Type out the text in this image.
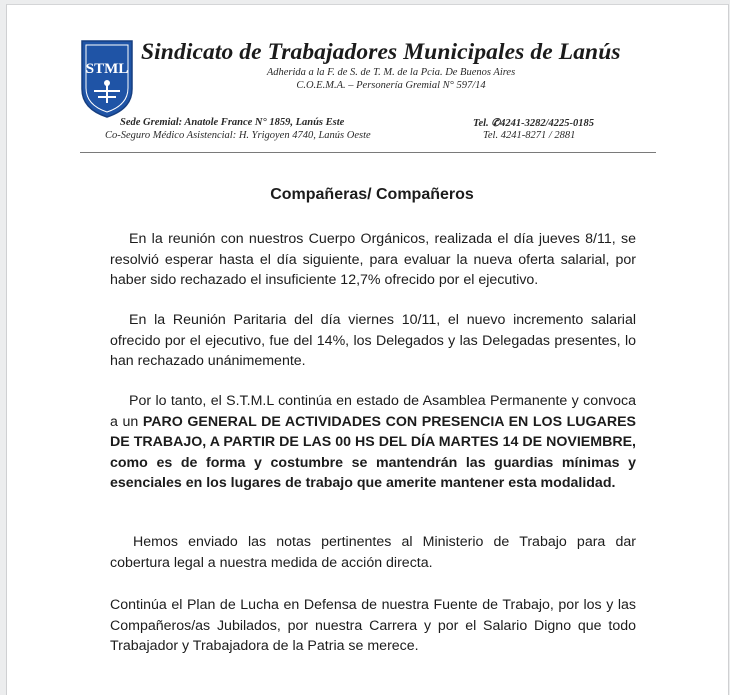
STML
Sindicato de Trabajadores Municipales de Lanús
Adherida a la F. de S. de T. M. de la Pcia. De Buenos Aires
C.O.E.M.A. – Personería Gremial N° 597/14
Sede Gremial: Anatole France N° 1859, Lanús Este
Co-Seguro Médico Asistencial: H. Yrigoyen 4740, Lanús Oeste
Tel. ✆4241-3282/4225-0185
Tel. 4241-8271 / 2881
Compañeras/ Compañeros

En la reunión con nuestros Cuerpo Orgánicos, realizada el día jueves 8/11, se resolvió esperar hasta el día siguiente, para evaluar la nueva oferta salarial, por haber sido rechazado el insuficiente 12,7% ofrecido por el ejecutivo.

En la Reunión Paritaria del día viernes 10/11, el nuevo incremento salarial ofrecido por el ejecutivo, fue del 14%, los Delegados y las Delegadas presentes, lo han rechazado unánimemente.

Por lo tanto, el S.T.M.L continúa en estado de Asamblea Permanente y convoca a un PARO GENERAL DE ACTIVIDADES CON PRESENCIA EN LOS LUGARES DE TRABAJO, A PARTIR DE LAS 00 HS DEL DÍA MARTES 14 DE NOVIEMBRE, como es de forma y costumbre se mantendrán las guardias mínimas y esenciales en los lugares de trabajo que amerite mantener esta modalidad.

Hemos enviado las notas pertinentes al Ministerio de Trabajo para dar cobertura legal a nuestra medida de acción directa.

Continúa el Plan de Lucha en Defensa de nuestra Fuente de Trabajo, por los y las Compañeros/as Jubilados, por nuestra Carrera y por el Salario Digno que todo Trabajador y Trabajadora de la Patria se merece.
